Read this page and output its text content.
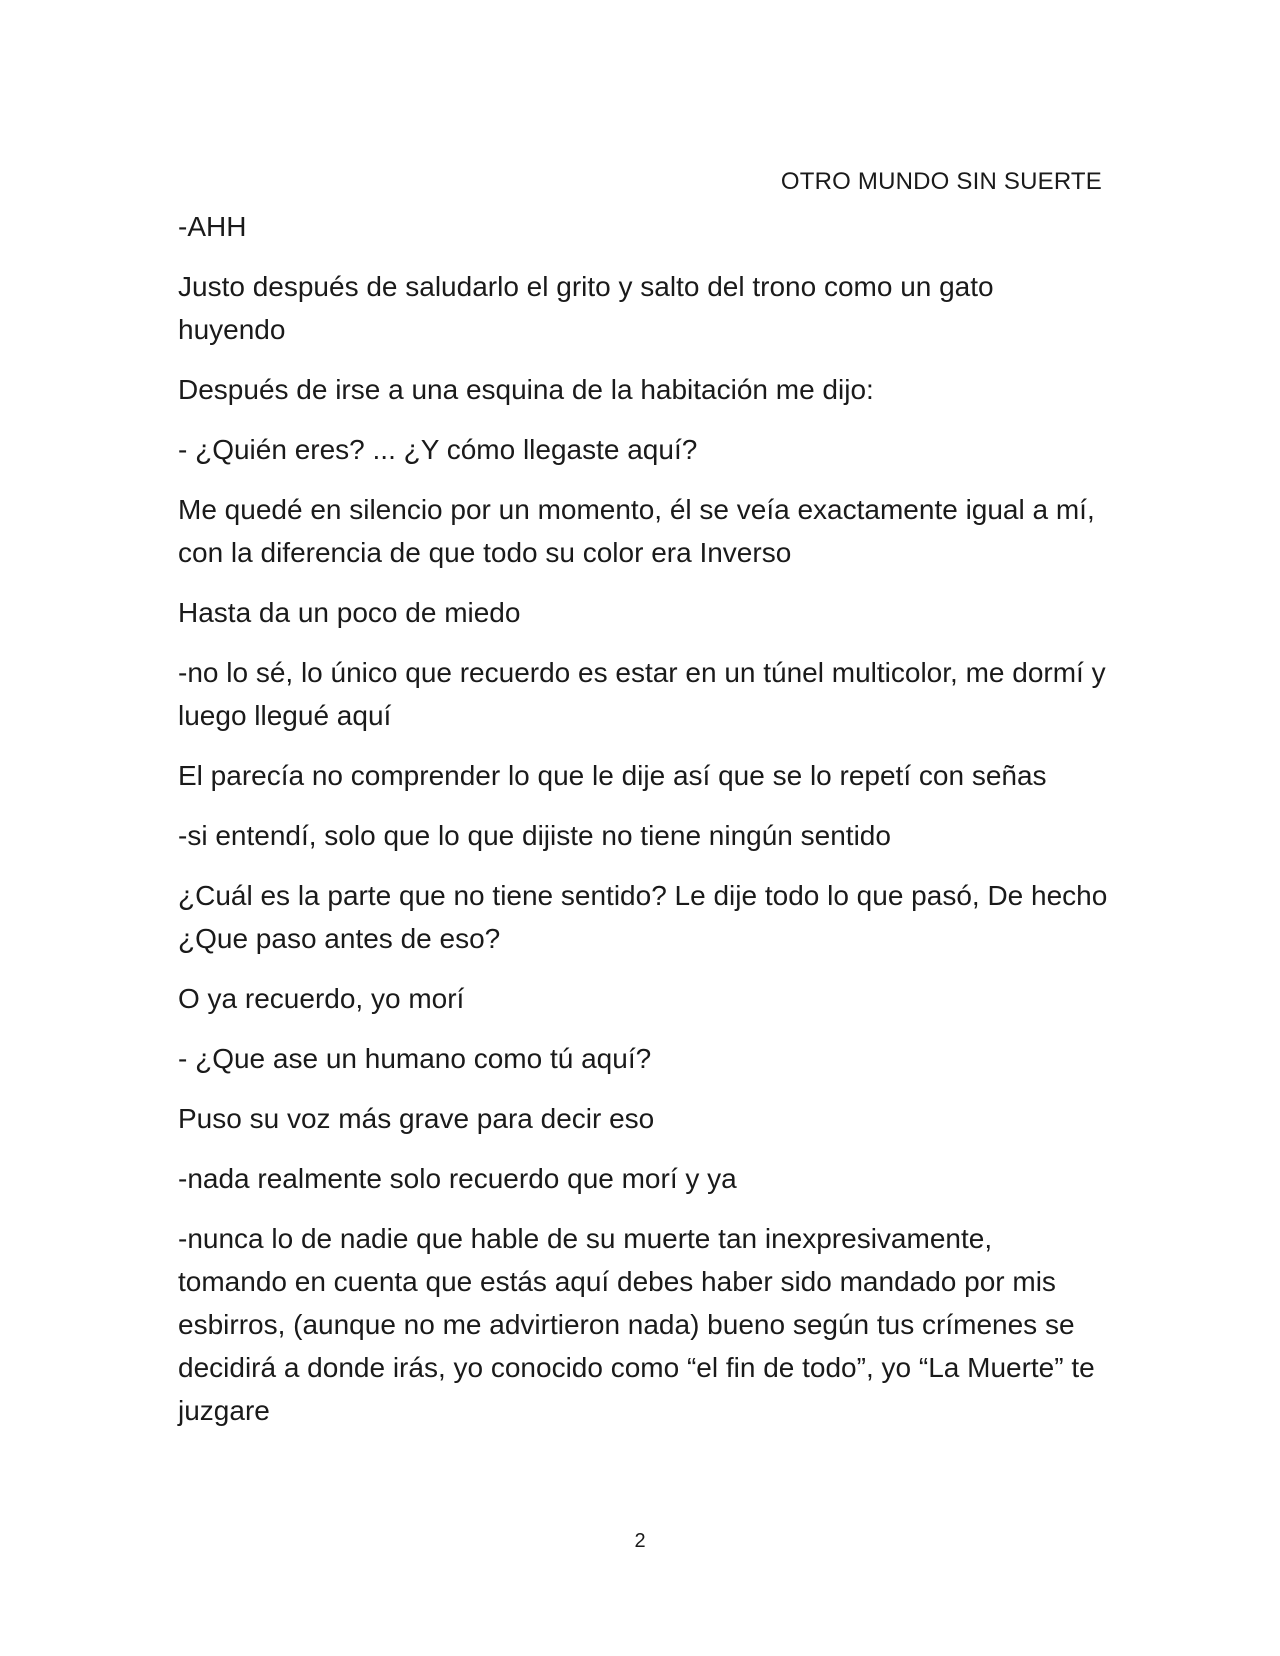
OTRO MUNDO SIN SUERTE

-AHH

Justo después de saludarlo el grito y salto del trono como un gato huyendo

Después de irse a una esquina de la habitación me dijo:

- ¿Quién eres? ... ¿Y cómo llegaste aquí?

Me quedé en silencio por un momento, él se veía exactamente igual a mí, con la diferencia de que todo su color era Inverso

Hasta da un poco de miedo

-no lo sé, lo único que recuerdo es estar en un túnel multicolor, me dormí y luego llegué aquí

El parecía no comprender lo que le dije así que se lo repetí con señas

-si entendí, solo que lo que dijiste no tiene ningún sentido

¿Cuál es la parte que no tiene sentido? Le dije todo lo que pasó, De hecho ¿Que paso antes de eso?

O ya recuerdo, yo morí

- ¿Que ase un humano como tú aquí?

Puso su voz más grave para decir eso

-nada realmente solo recuerdo que morí y ya

-nunca lo de nadie que hable de su muerte tan inexpresivamente, tomando en cuenta que estás aquí debes haber sido mandado por mis esbirros, (aunque no me advirtieron nada) bueno según tus crímenes se decidirá a donde irás, yo conocido como “el fin de todo”, yo “La Muerte” te juzgare

2
